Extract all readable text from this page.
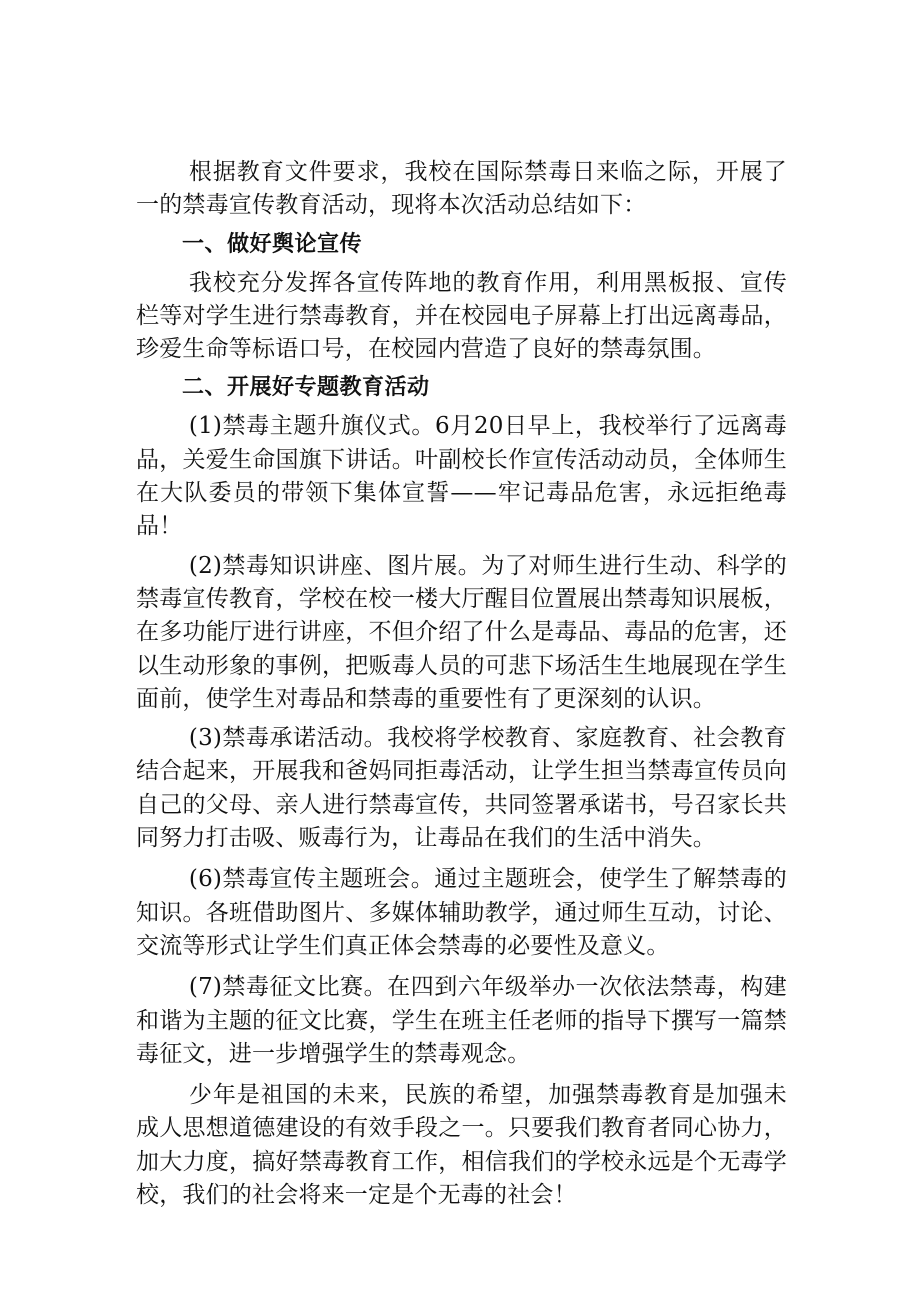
根据教育文件要求，我校在国际禁毒日来临之际，开展了一的禁毒宣传教育活动，现将本次活动总结如下：

一、做好舆论宣传

我校充分发挥各宣传阵地的教育作用，利用黑板报、宣传栏等对学生进行禁毒教育，并在校园电子屏幕上打出远离毒品，珍爱生命等标语口号，在校园内营造了良好的禁毒氛围。

二、开展好专题教育活动

(1)禁毒主题升旗仪式。6月20日早上，我校举行了远离毒品，关爱生命国旗下讲话。叶副校长作宣传活动动员，全体师生在大队委员的带领下集体宣誓——牢记毒品危害，永远拒绝毒品！

(2)禁毒知识讲座、图片展。为了对师生进行生动、科学的禁毒宣传教育，学校在校一楼大厅醒目位置展出禁毒知识展板，在多功能厅进行讲座，不但介绍了什么是毒品、毒品的危害，还以生动形象的事例，把贩毒人员的可悲下场活生生地展现在学生面前，使学生对毒品和禁毒的重要性有了更深刻的认识。

(3)禁毒承诺活动。我校将学校教育、家庭教育、社会教育结合起来，开展我和爸妈同拒毒活动，让学生担当禁毒宣传员向自己的父母、亲人进行禁毒宣传，共同签署承诺书，号召家长共同努力打击吸、贩毒行为，让毒品在我们的生活中消失。

(6)禁毒宣传主题班会。通过主题班会，使学生了解禁毒的知识。各班借助图片、多媒体辅助教学，通过师生互动，讨论、交流等形式让学生们真正体会禁毒的必要性及意义。

(7)禁毒征文比赛。在四到六年级举办一次依法禁毒，构建和谐为主题的征文比赛，学生在班主任老师的指导下撰写一篇禁毒征文，进一步增强学生的禁毒观念。

少年是祖国的未来，民族的希望，加强禁毒教育是加强未成人思想道德建设的有效手段之一。只要我们教育者同心协力，加大力度，搞好禁毒教育工作，相信我们的学校永远是个无毒学校，我们的社会将来一定是个无毒的社会！
